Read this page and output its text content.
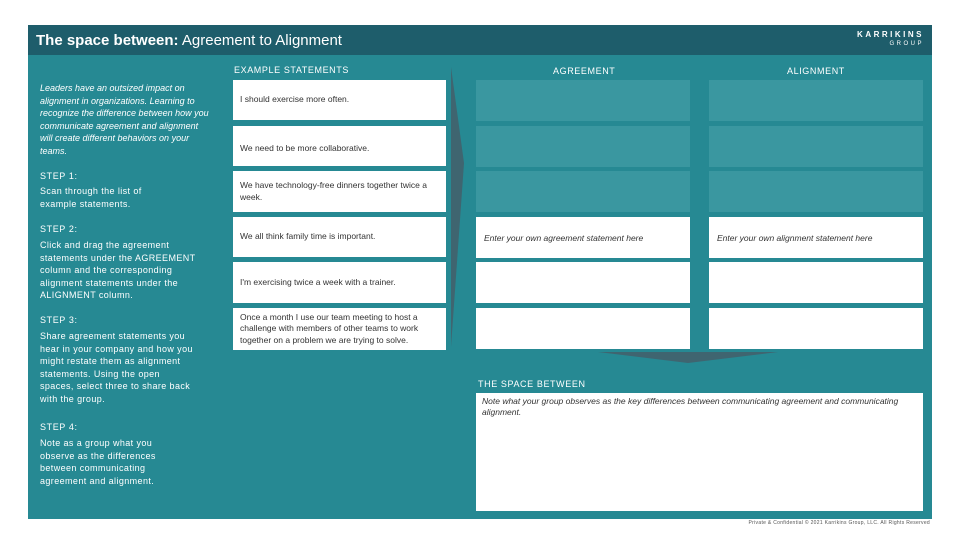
The space between: Agreement to Alignment	KARRIKINS
GROUP
EXAMPLE STATEMENTS	AGREEMENT	ALIGNMENT
Leaders have an outsized impact on alignment in organizations. Learning to recognize the difference between how you communicate agreement and alignment will create different behaviors on your teams.
STEP 1:
Scan through the list of example statements.
STEP 2:
Click and drag the agreement statements under the AGREEMENT column and the corresponding alignment statements under the ALIGNMENT column.
STEP 3:
Share agreement statements you hear in your company and how you might restate them as alignment statements. Using the open spaces, select three to share back with the group.
STEP 4:
Note as a group what you observe as the differences between communicating agreement and alignment.
I should exercise more often.
We need to be more collaborative.
We have technology-free dinners together twice a week.
We all think family time is important.
I'm exercising twice a week with a trainer.
Once a month I use our team meeting to host a challenge with members of other teams to work together on a problem we are trying to solve.
Enter your own agreement statement here	Enter your own alignment statement here
THE SPACE BETWEEN
Note what your group observes as the key differences between communicating agreement and communicating alignment.
Private & Confidential © 2021 Karrikins Group, LLC. All Rights Reserved
